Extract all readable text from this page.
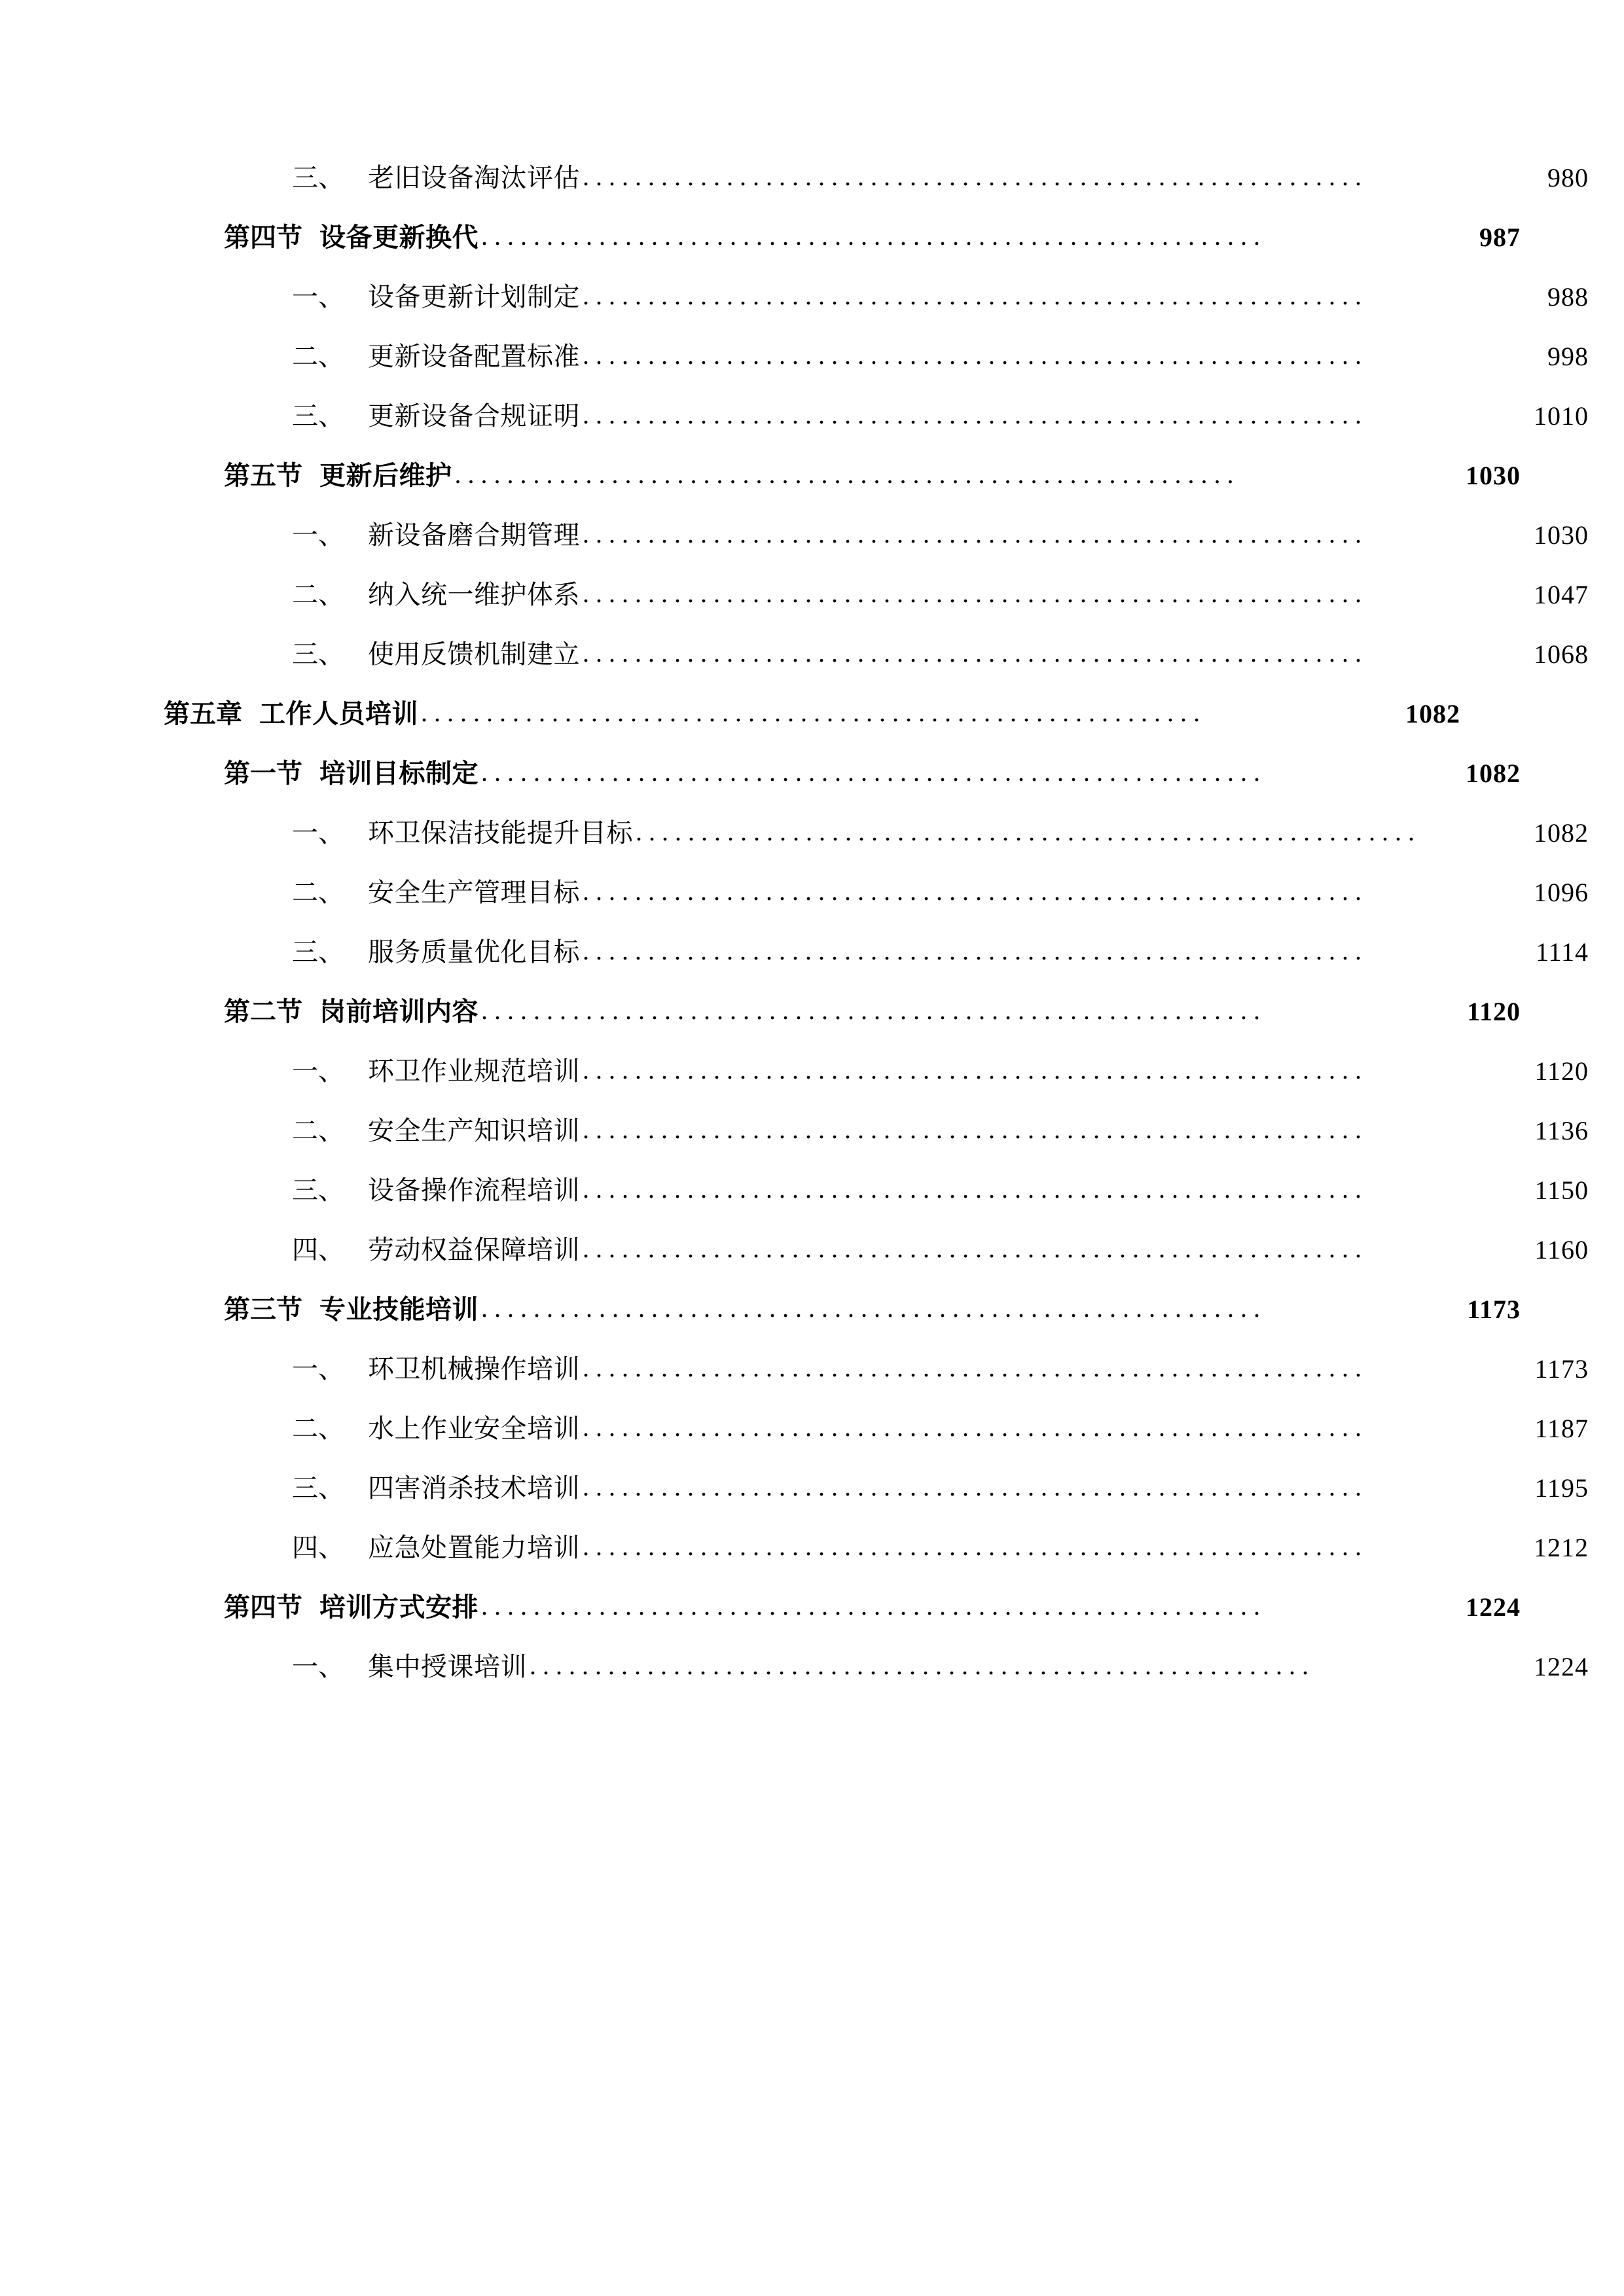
三、 老旧设备淘汰评估 ............................................................	980
第四节 设备更新换代 ............................................................	987
一、 设备更新计划制定 ............................................................	988
二、 更新设备配置标准 ............................................................	998
三、 更新设备合规证明 ............................................................	1010
第五节 更新后维护 ............................................................	1030
一、 新设备磨合期管理 ............................................................	1030
二、 纳入统一维护体系 ............................................................	1047
三、 使用反馈机制建立 ............................................................	1068
第五章 工作人员培训 ............................................................	1082
第一节 培训目标制定 ............................................................	1082
一、 环卫保洁技能提升目标 ............................................................	1082
二、 安全生产管理目标 ............................................................	1096
三、 服务质量优化目标 ............................................................	1114
第二节 岗前培训内容 ............................................................	1120
一、 环卫作业规范培训 ............................................................	1120
二、 安全生产知识培训 ............................................................	1136
三、 设备操作流程培训 ............................................................	1150
四、 劳动权益保障培训 ............................................................	1160
第三节 专业技能培训 ............................................................	1173
一、 环卫机械操作培训 ............................................................	1173
二、 水上作业安全培训 ............................................................	1187
三、 四害消杀技术培训 ............................................................	1195
四、 应急处置能力培训 ............................................................	1212
第四节 培训方式安排 ............................................................	1224
一、 集中授课培训 ............................................................	1224
